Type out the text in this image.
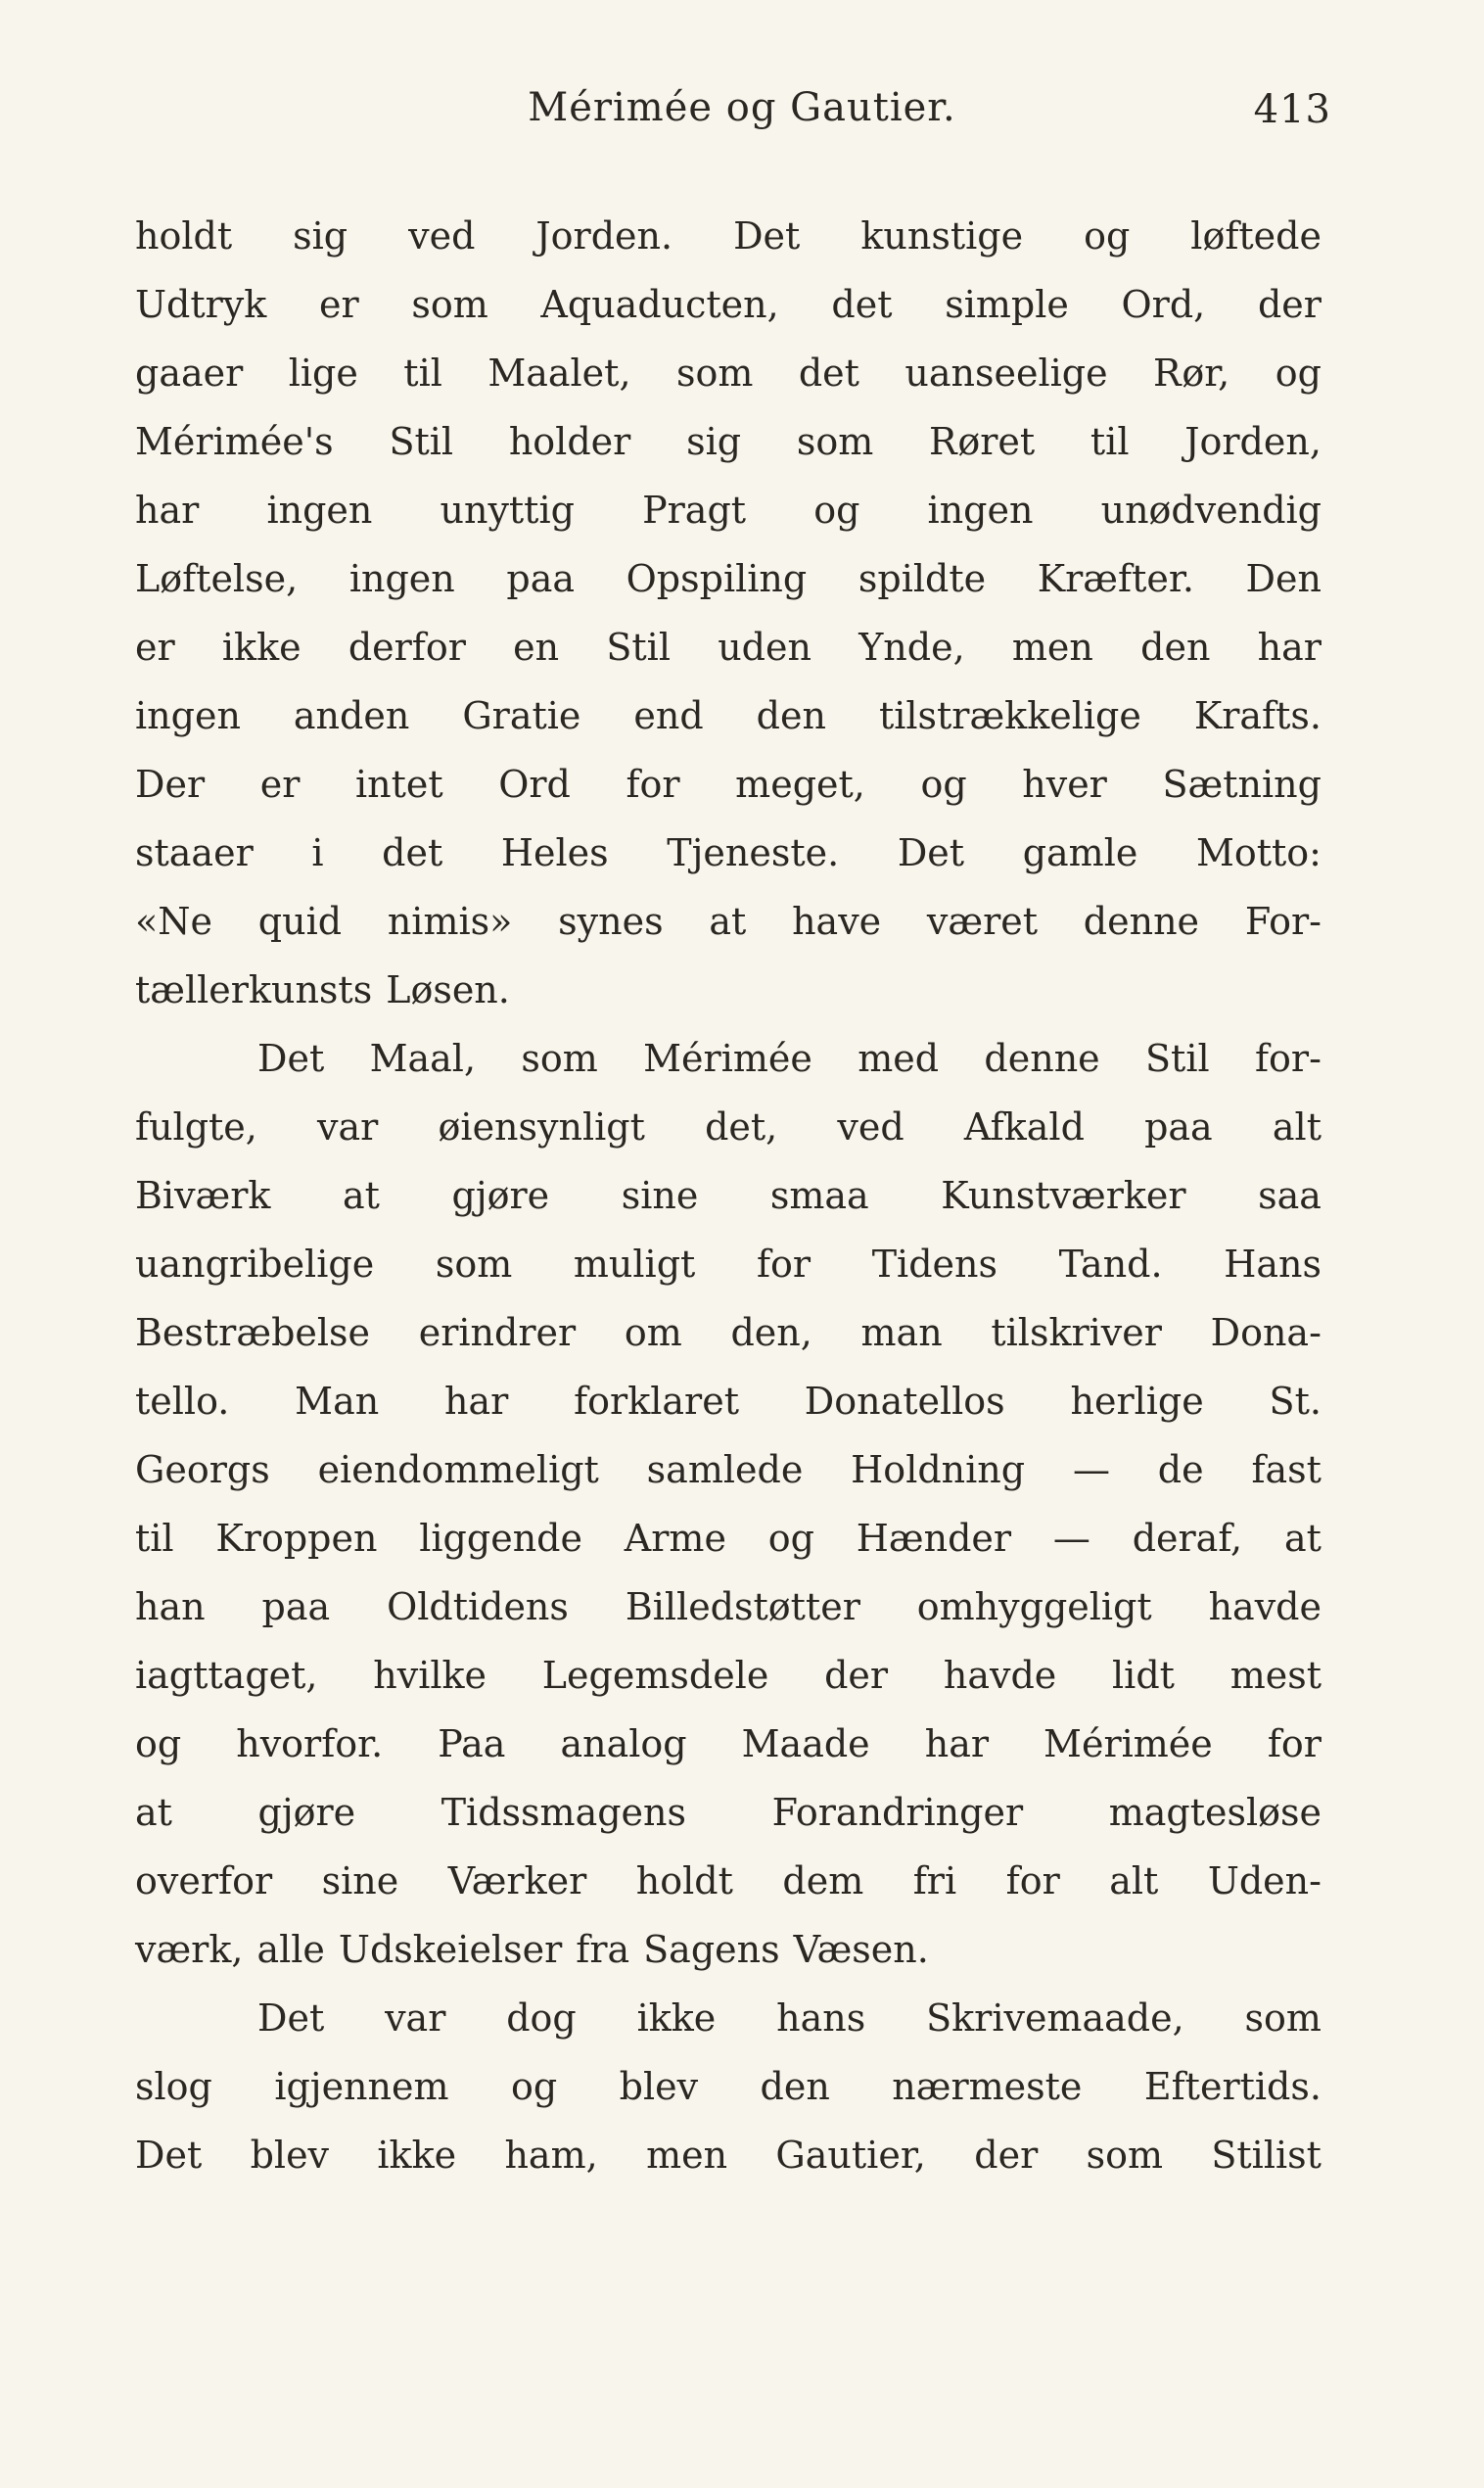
Mérimée og Gautier.	413
holdt sig ved Jorden. Det kunstige og løftede
Udtryk er som Aquaducten, det simple Ord, der
gaaer lige til Maalet, som det uanseelige Rør, og
Mérimée's Stil holder sig som Røret til Jorden,
har ingen unyttig Pragt og ingen unødvendig
Løftelse, ingen paa Opspiling spildte Kræfter. Den
er ikke derfor en Stil uden Ynde, men den har
ingen anden Gratie end den tilstrækkelige Krafts.
Der er intet Ord for meget, og hver Sætning
staaer i det Heles Tjeneste. Det gamle Motto:
«Ne quid nimis» synes at have været denne For-
tællerkunsts Løsen.
Det Maal, som Mérimée med denne Stil for-
fulgte, var øiensynligt det, ved Afkald paa alt
Biværk at gjøre sine smaa Kunstværker saa
uangribelige som muligt for Tidens Tand. Hans
Bestræbelse erindrer om den, man tilskriver Dona-
tello. Man har forklaret Donatellos herlige St.
Georgs eiendommeligt samlede Holdning — de fast
til Kroppen liggende Arme og Hænder — deraf, at
han paa Oldtidens Billedstøtter omhyggeligt havde
iagttaget, hvilke Legemsdele der havde lidt mest
og hvorfor. Paa analog Maade har Mérimée for
at gjøre Tidssmagens Forandringer magtesløse
overfor sine Værker holdt dem fri for alt Uden-
værk, alle Udskeielser fra Sagens Væsen.
Det var dog ikke hans Skrivemaade, som
slog igjennem og blev den nærmeste Eftertids.
Det blev ikke ham, men Gautier, der som Stilist
